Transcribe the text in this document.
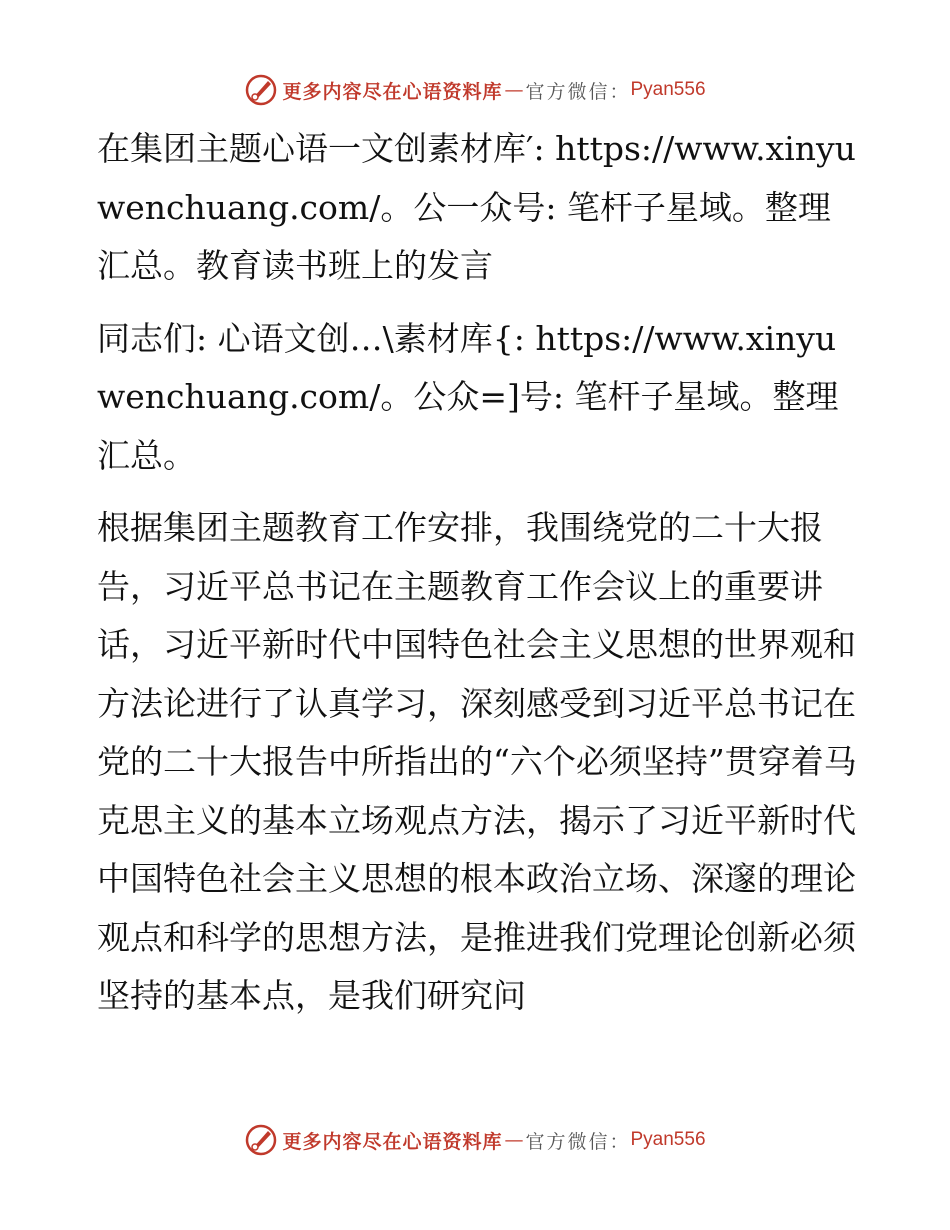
更多内容尽在心语资料库 — 官方微信： Pyan556

在集团主题心语一文创素材库′: https://www.xinyuwenchuang.com/。公一众号: 笔杆子星域。整理汇总。教育读书班上的发言

同志们: 心语文创…\素材库{: https://www.xinyuwenchuang.com/。公众=]号: 笔杆子星域。整理汇总。

根据集团主题教育工作安排，我围绕党的二十大报告，习近平总书记在主题教育工作会议上的重要讲话，习近平新时代中国特色社会主义思想的世界观和方法论进行了认真学习，深刻感受到习近平总书记在党的二十大报告中所指出的“六个必须坚持”贯穿着马克思主义的基本立场观点方法，揭示了习近平新时代中国特色社会主义思想的根本政治立场、深邃的理论观点和科学的思想方法，是推进我们党理论创新必须坚持的基本点，是我们研究问

更多内容尽在心语资料库 — 官方微信： Pyan556
